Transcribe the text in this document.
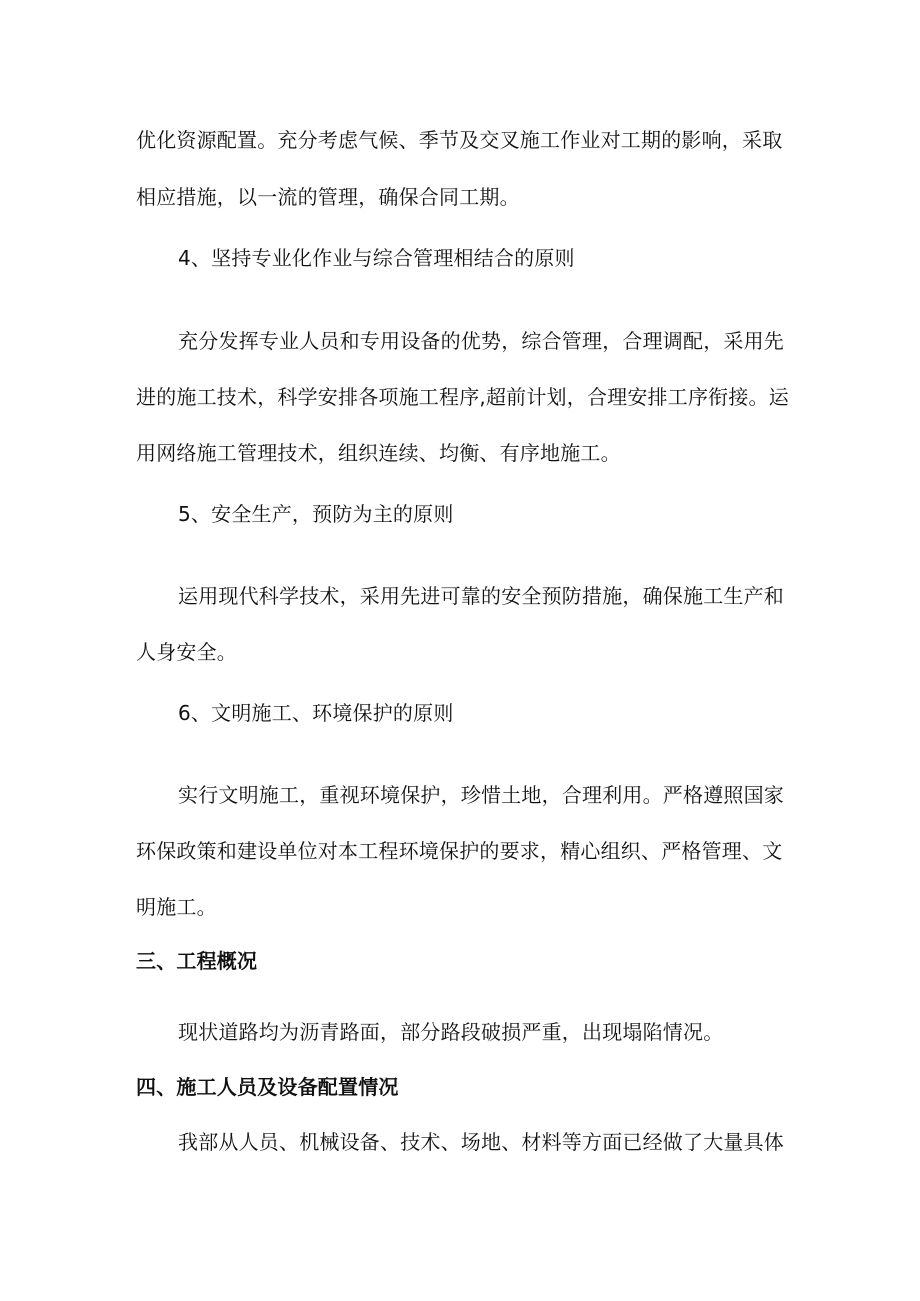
优化资源配置。充分考虑气候、季节及交叉施工作业对工期的影响，采取
相应措施，以一流的管理，确保合同工期。
4、坚持专业化作业与综合管理相结合的原则
充分发挥专业人员和专用设备的优势，综合管理，合理调配，采用先
进的施工技术，科学安排各项施工程序,超前计划，合理安排工序衔接。运
用网络施工管理技术，组织连续、均衡、有序地施工。
5、安全生产，预防为主的原则
运用现代科学技术，采用先进可靠的安全预防措施，确保施工生产和
人身安全。
6、文明施工、环境保护的原则
实行文明施工，重视环境保护，珍惜土地，合理利用。严格遵照国家
环保政策和建设单位对本工程环境保护的要求，精心组织、严格管理、文
明施工。
三、工程概况
现状道路均为沥青路面，部分路段破损严重，出现塌陷情况。
四、施工人员及设备配置情况
我部从人员、机械设备、技术、场地、材料等方面已经做了大量具体
